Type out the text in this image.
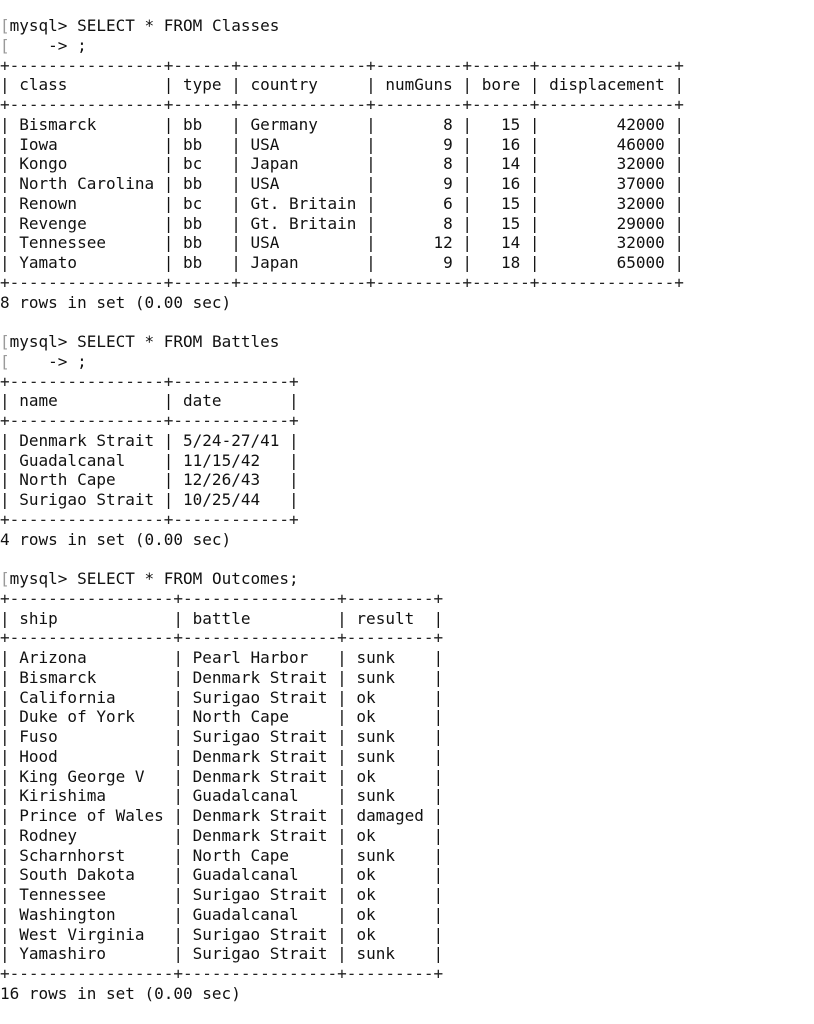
[mysql> SELECT * FROM Classes
[ -> ;
+----------------+------+-------------+---------+------+--------------+
| class	| type | country	| numGuns | bore | displacement |
+----------------+------+-------------+---------+------+--------------+
| Bismarck	| bb | Germany	|       8 |   15 |        42000 |
| Iowa	| bb | USA	|       9 |   16 |        46000 |
| Kongo	| bc | Japan	|       8 |   14 |        32000 |
| North Carolina | bb | USA	|       9 |   16 |        37000 |
| Renown	| bc | Gt. Britain |       6 |   15 |        32000 |
| Revenge	| bb | Gt. Britain |       8 |   15 |        29000 |
| Tennessee	| bb | USA	|      12 |   14 |        32000 |
| Yamato	| bb | Japan	|       9 |   18 |        65000 |
+----------------+------+-------------+---------+------+--------------+
8 rows in set (0.00 sec)

[mysql> SELECT * FROM Battles
[ -> ;
+----------------+------------+
| name	| date	|
+----------------+------------+
| Denmark Strait | 5/24-27/41 |
| Guadalcanal | 11/15/42 |
| North Cape	| 12/26/43 |
| Surigao Strait | 10/25/44 |
+----------------+------------+
4 rows in set (0.00 sec)

[mysql> SELECT * FROM Outcomes;
+-----------------+----------------+---------+
| ship	| battle	| result |
+-----------------+----------------+---------+
| Arizona	| Pearl Harbor | sunk |
| Bismarck	| Denmark Strait | sunk |
| California	| Surigao Strait | ok	|
| Duke of York | North Cape	| ok	|
| Fuso	| Surigao Strait | sunk |
| Hood	| Denmark Strait | sunk |
| King George V | Denmark Strait | ok	|
| Kirishima	| Guadalcanal | sunk |
| Prince of Wales | Denmark Strait | damaged |
| Rodney	| Denmark Strait | ok	|
| Scharnhorst	| North Cape	| sunk |
| South Dakota | Guadalcanal | ok	|
| Tennessee	| Surigao Strait | ok	|
| Washington	| Guadalcanal | ok	|
| West Virginia | Surigao Strait | ok	|
| Yamashiro	| Surigao Strait | sunk |
+-----------------+----------------+---------+
16 rows in set (0.00 sec)
